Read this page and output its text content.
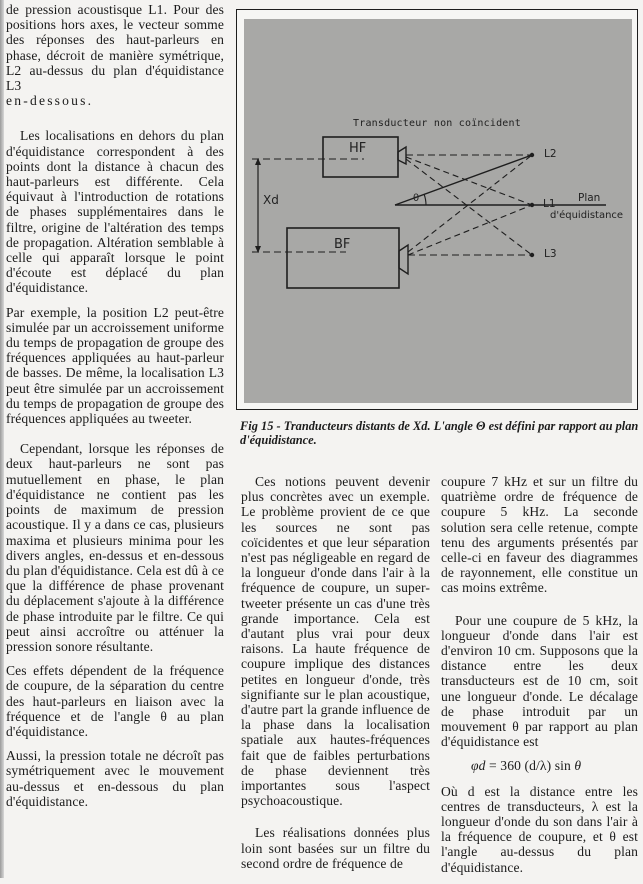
de pression acoustisque L1. Pour des positions hors axes, le vecteur somme des réponses des haut-parleurs en phase, décroit de manière symétrique, L2 au-dessus du plan d'équidistance L3

en-dessous.

Les localisations en dehors du plan d'équidistance correspondent à des points dont la distance à chacun des haut-parleurs est différente. Cela équivaut à l'introduction de rotations de phases supplémentaires dans le filtre, origine de l'altération des temps de propagation. Altération semblable à celle qui apparaît lorsque le point d'écoute est déplacé du plan d'équidistance.

Par exemple, la position L2 peut-être simulée par un accroissement uniforme du temps de propagation de groupe des fréquences appliquées au haut-parleur de basses. De même, la localisation L3 peut être simulée par un accroissement du temps de propagation de groupe des fréquences appliquées au tweeter.

Cependant, lorsque les réponses de deux haut-parleurs ne sont pas mutuellement en phase, le plan d'équidistance ne contient pas les points de maximum de pression acoustique. Il y a dans ce cas, plusieurs maxima et plusieurs minima pour les divers angles, en-dessus et en-dessous du plan d'équidistance. Cela est dû à ce que la différence de phase provenant du déplacement s'ajoute à la différence de phase introduite par le filtre. Ce qui peut ainsi accroître ou atténuer la pression sonore résultante.

Ces effets dépendent de la fréquence de coupure, de la séparation du centre des haut-parleurs en liaison avec la fréquence et de l'angle θ au plan d'équidistance.

Aussi, la pression totale ne décroît pas symétriquement avec le mouvement au-dessus et en-dessous du plan d'équidistance.

Transducteur non coïncident
HF
BF
Xd
L2
L1
L3
θ	Plan
d'équidistance
Fig 15 - Tranducteurs distants de Xd. L'angle Θ est défini par rapport au plan d'équidistance.

Ces notions peuvent devenir plus concrètes avec un exemple. Le problème provient de ce que les sources ne sont pas coïcidentes et que leur séparation n'est pas négligeable en regard de la longueur d'onde dans l'air à la fréquence de coupure, un super-tweeter présente un cas d'une très grande importance. Cela est d'autant plus vrai pour deux raisons. La haute fréquence de coupure implique des distances petites en longueur d'onde, très signifiante sur le plan acoustique, d'autre part la grande influence de la phase dans la localisation spatiale aux hautes-fréquences fait que de faibles perturbations de phase deviennent très importantes sous l'aspect psychoacoustique.

Les réalisations données plus loin sont basées sur un filtre du second ordre de fréquence de

coupure 7 kHz et sur un filtre du quatrième ordre de fréquence de coupure 5 kHz. La seconde solution sera celle retenue, compte tenu des arguments présentés par celle-ci en faveur des diagrammes de rayonnement, elle constitue un cas moins extrême.

Pour une coupure de 5 kHz, la longueur d'onde dans l'air est d'environ 10 cm. Supposons que la distance entre les deux transducteurs est de 10 cm, soit une longueur d'onde. Le décalage de phase introduit par un mouvement θ par rapport au plan d'équidistance est

φd = 360 (d/λ) sin θ

Où d est la distance entre les centres de transducteurs, λ est la longueur d'onde du son dans l'air à la fréquence de coupure, et θ est l'angle au-dessus du plan d'équidistance.
